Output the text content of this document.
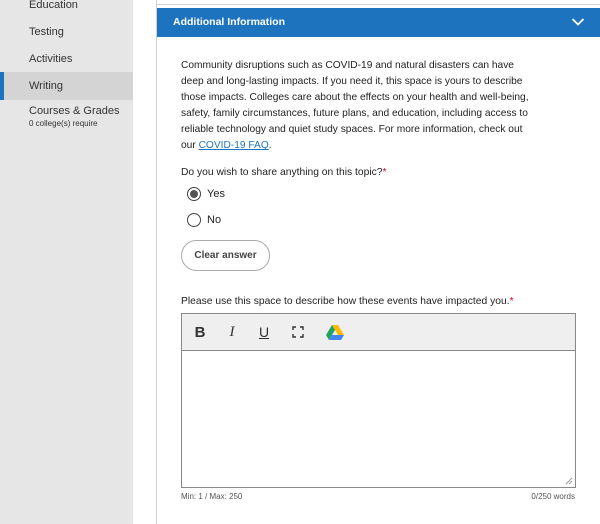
Education
Testing
Activities
Writing
Courses & Grades
0 college(s) require
Additional Information

Community disruptions such as COVID-19 and natural disasters can have deep and long-lasting impacts. If you need it, this space is yours to describe those impacts. Colleges care about the effects on your health and well-being, safety, family circumstances, future plans, and education, including access to reliable technology and quiet study spaces. For more information, check out our COVID-19 FAQ.

Do you wish to share anything on this topic?*
Yes
No
Clear answer
Please use this space to describe how these events have impacted you.*
B	I	U
Min: 1 / Max: 250	0/250 words
